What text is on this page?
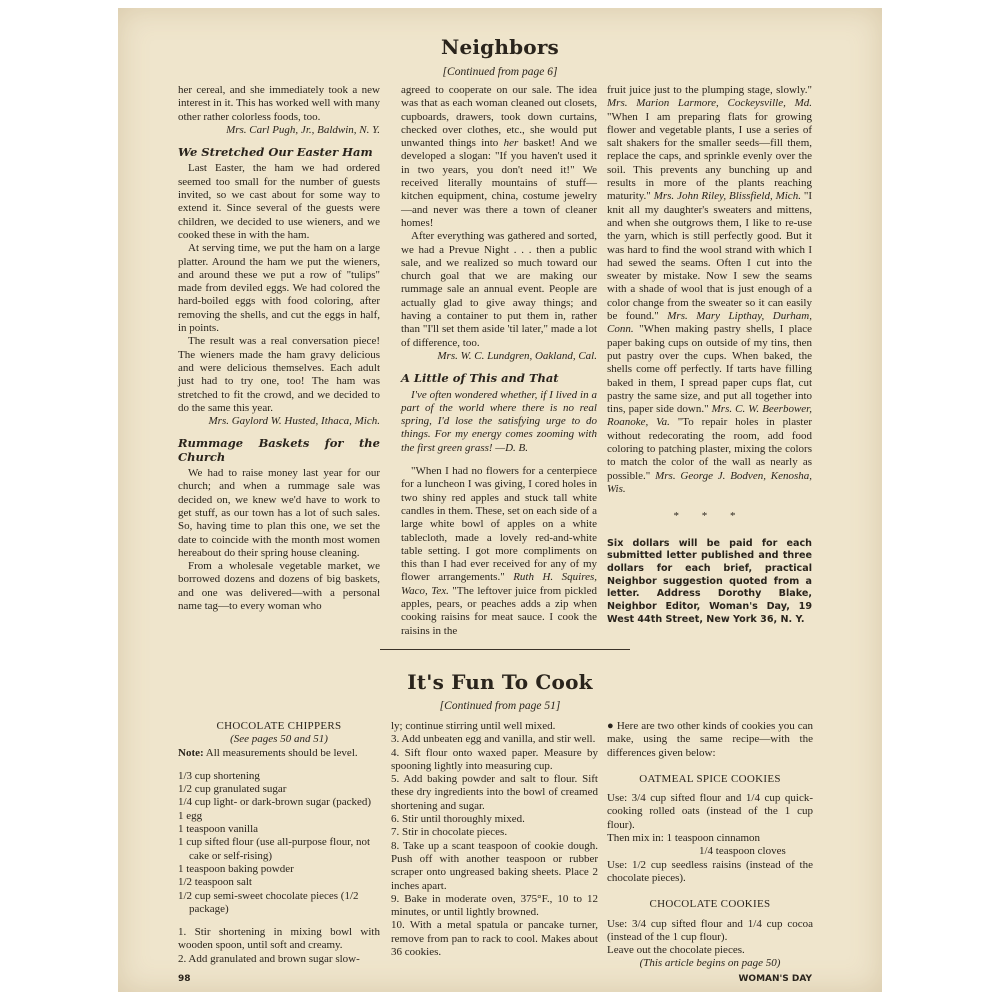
Neighbors
[Continued from page 6]

her cereal, and she immediately took a new interest in it. This has worked well with many other rather colorless foods, too.

Mrs. Carl Pugh, Jr., Baldwin, N. Y.

We Stretched Our Easter Ham

Last Easter, the ham we had ordered seemed too small for the number of guests invited, so we cast about for some way to extend it. Since several of the guests were children, we decided to use wieners, and we cooked these in with the ham.

At serving time, we put the ham on a large platter. Around the ham we put the wieners, and around these we put a row of "tulips" made from deviled eggs. We had colored the hard-boiled eggs with food coloring, after removing the shells, and cut the eggs in half, in points.

The result was a real conversation piece! The wieners made the ham gravy delicious and were delicious themselves. Each adult just had to try one, too! The ham was stretched to fit the crowd, and we decided to do the same this year.

Mrs. Gaylord W. Husted, Ithaca, Mich.

Rummage Baskets for the Church

We had to raise money last year for our church; and when a rummage sale was decided on, we knew we'd have to work to get stuff, as our town has a lot of such sales. So, having time to plan this one, we set the date to coincide with the month most women hereabout do their spring house cleaning.

From a wholesale vegetable market, we borrowed dozens and dozens of big baskets, and one was delivered—with a personal name tag—to every woman who

agreed to cooperate on our sale. The idea was that as each woman cleaned out closets, cupboards, drawers, took down curtains, checked over clothes, etc., she would put unwanted things into her basket! And we developed a slogan: "If you haven't used it in two years, you don't need it!" We received literally mountains of stuff—kitchen equipment, china, costume jewelry—and never was there a town of cleaner homes!

After everything was gathered and sorted, we had a Prevue Night . . . then a public sale, and we realized so much toward our church goal that we are making our rummage sale an annual event. People are actually glad to give away things; and having a container to put them in, rather than "I'll set them aside 'til later," made a lot of difference, too.

Mrs. W. C. Lundgren, Oakland, Cal.

A Little of This and That

I've often wondered whether, if I lived in a part of the world where there is no real spring, I'd lose the satisfying urge to do things. For my energy comes zooming with the first green grass! —D. B.

"When I had no flowers for a centerpiece for a luncheon I was giving, I cored holes in two shiny red apples and stuck tall white candles in them. These, set on each side of a large white bowl of apples on a white tablecloth, made a lovely red-and-white table setting. I got more compliments on this than I had ever received for any of my flower arrangements." Ruth H. Squires, Waco, Tex. "The leftover juice from pickled apples, pears, or peaches adds a zip when cooking raisins for meat sauce. I cook the raisins in the

fruit juice just to the plumping stage, slowly." Mrs. Marion Larmore, Cockeysville, Md. "When I am preparing flats for growing flower and vegetable plants, I use a series of salt shakers for the smaller seeds—fill them, replace the caps, and sprinkle evenly over the soil. This prevents any bunching up and results in more of the plants reaching maturity." Mrs. John Riley, Blissfield, Mich. "I knit all my daughter's sweaters and mittens, and when she outgrows them, I like to re-use the yarn, which is still perfectly good. But it was hard to find the wool strand with which I had sewed the seams. Often I cut into the sweater by mistake. Now I sew the seams with a shade of wool that is just enough of a color change from the sweater so it can easily be found." Mrs. Mary Lipthay, Durham, Conn. "When making pastry shells, I place paper baking cups on outside of my tins, then put pastry over the cups. When baked, the shells come off perfectly. If tarts have filling baked in them, I spread paper cups flat, cut pastry the same size, and put all together into tins, paper side down." Mrs. C. W. Beerbower, Roanoke, Va. "To repair holes in plaster without redecorating the room, add food coloring to patching plaster, mixing the colors to match the color of the wall as nearly as possible." Mrs. George J. Bodven, Kenosha, Wis.

* * *

Six dollars will be paid for each submitted letter published and three dollars for each brief, practical Neighbor suggestion quoted from a letter. Address Dorothy Blake, Neighbor Editor, Woman's Day, 19 West 44th Street, New York 36, N. Y.

It's Fun To Cook
[Continued from page 51]

CHOCOLATE CHIPPERS

(See pages 50 and 51)

Note: All measurements should be level.

1/3 cup shortening
1/2 cup granulated sugar
1/4 cup light- or dark-brown sugar (packed)
1 egg
1 teaspoon vanilla
1 cup sifted flour (use all-purpose flour, not cake or self-rising)
1 teaspoon baking powder
1/2 teaspoon salt
1/2 cup semi-sweet chocolate pieces (1/2 package)

1. Stir shortening in mixing bowl with wooden spoon, until soft and creamy.

2. Add granulated and brown sugar slow-

ly; continue stirring until well mixed.
3. Add unbeaten egg and vanilla, and stir well.
4. Sift flour onto waxed paper. Measure by spooning lightly into measuring cup.
5. Add baking powder and salt to flour. Sift these dry ingredients into the bowl of creamed shortening and sugar.
6. Stir until thoroughly mixed.
7. Stir in chocolate pieces.
8. Take up a scant teaspoon of cookie dough. Push off with another teaspoon or rubber scraper onto ungreased baking sheets. Place 2 inches apart.
9. Bake in moderate oven, 375°F., 10 to 12 minutes, or until lightly browned.
10. With a metal spatula or pancake turner, remove from pan to rack to cool. Makes about 36 cookies.

● Here are two other kinds of cookies you can make, using the same recipe—with the differences given below:

OATMEAL SPICE COOKIES

Use: 3/4 cup sifted flour and 1/4 cup quick-cooking rolled oats (instead of the 1 cup flour).

Then mix in: 1 teaspoon cinnamon

1/4 teaspoon cloves

Use: 1/2 cup seedless raisins (instead of the chocolate pieces).

CHOCOLATE COOKIES

Use: 3/4 cup sifted flour and 1/4 cup cocoa (instead of the 1 cup flour).

Leave out the chocolate pieces.

(This article begins on page 50)

98	WOMAN'S DAY
